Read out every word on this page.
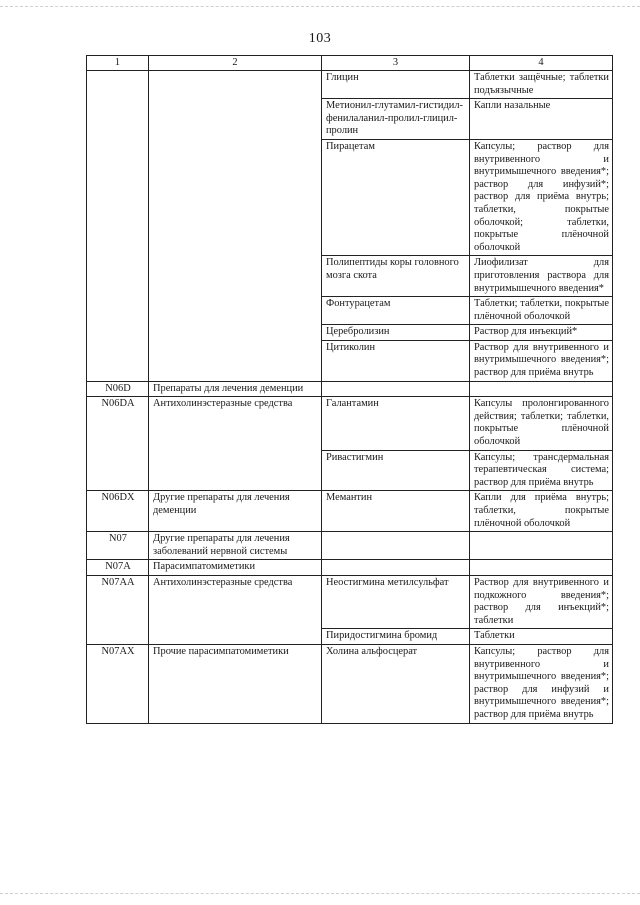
103
1	2	3	4
		Глицин	Таблетки защёчные; таблетки подъязычные
		Метионил-глутамил-гистидил-фенилаланил-пролил-глицил-пролин	Капли назальные
		Пирацетам	Капсулы; раствор для внутривенного и внутримышечного введения*; раствор для инфузий*; раствор для приёма внутрь; таблетки, покрытые оболочкой; таблетки, покрытые плёночной оболочкой
		Полипептиды коры головного мозга скота	Лиофилизат для приготовления раствора для внутримышечного введения*
		Фонтурацетам	Таблетки; таблетки, покрытые плёночной оболочкой
		Церебролизин	Раствор для инъекций*
		Цитиколин	Раствор для внутривенного и внутримышечного введения*; раствор для приёма внутрь
N06D	Препараты для лечения деменции		
N06DA	Антихолинэстеразные средства	Галантамин	Капсулы пролонгированного действия; таблетки; таблетки, покрытые плёночной оболочкой
		Ривастигмин	Капсулы; трансдермальная терапевтическая система; раствор для приёма внутрь
N06DX	Другие препараты для лечения деменции	Мемантин	Капли для приёма внутрь; таблетки, покрытые плёночной оболочкой
N07	Другие препараты для лечения заболеваний нервной системы		
N07A	Парасимпатомиметики		
N07AA	Антихолинэстеразные средства	Неостигмина метилсульфат	Раствор для внутривенного и подкожного введения*; раствор для инъекций*; таблетки
		Пиридостигмина бромид	Таблетки
N07AX	Прочие парасимпатомиметики	Холина альфосцерат	Капсулы; раствор для внутривенного и внутримышечного введения*; раствор для инфузий и внутримышечного введения*; раствор для приёма внутрь
